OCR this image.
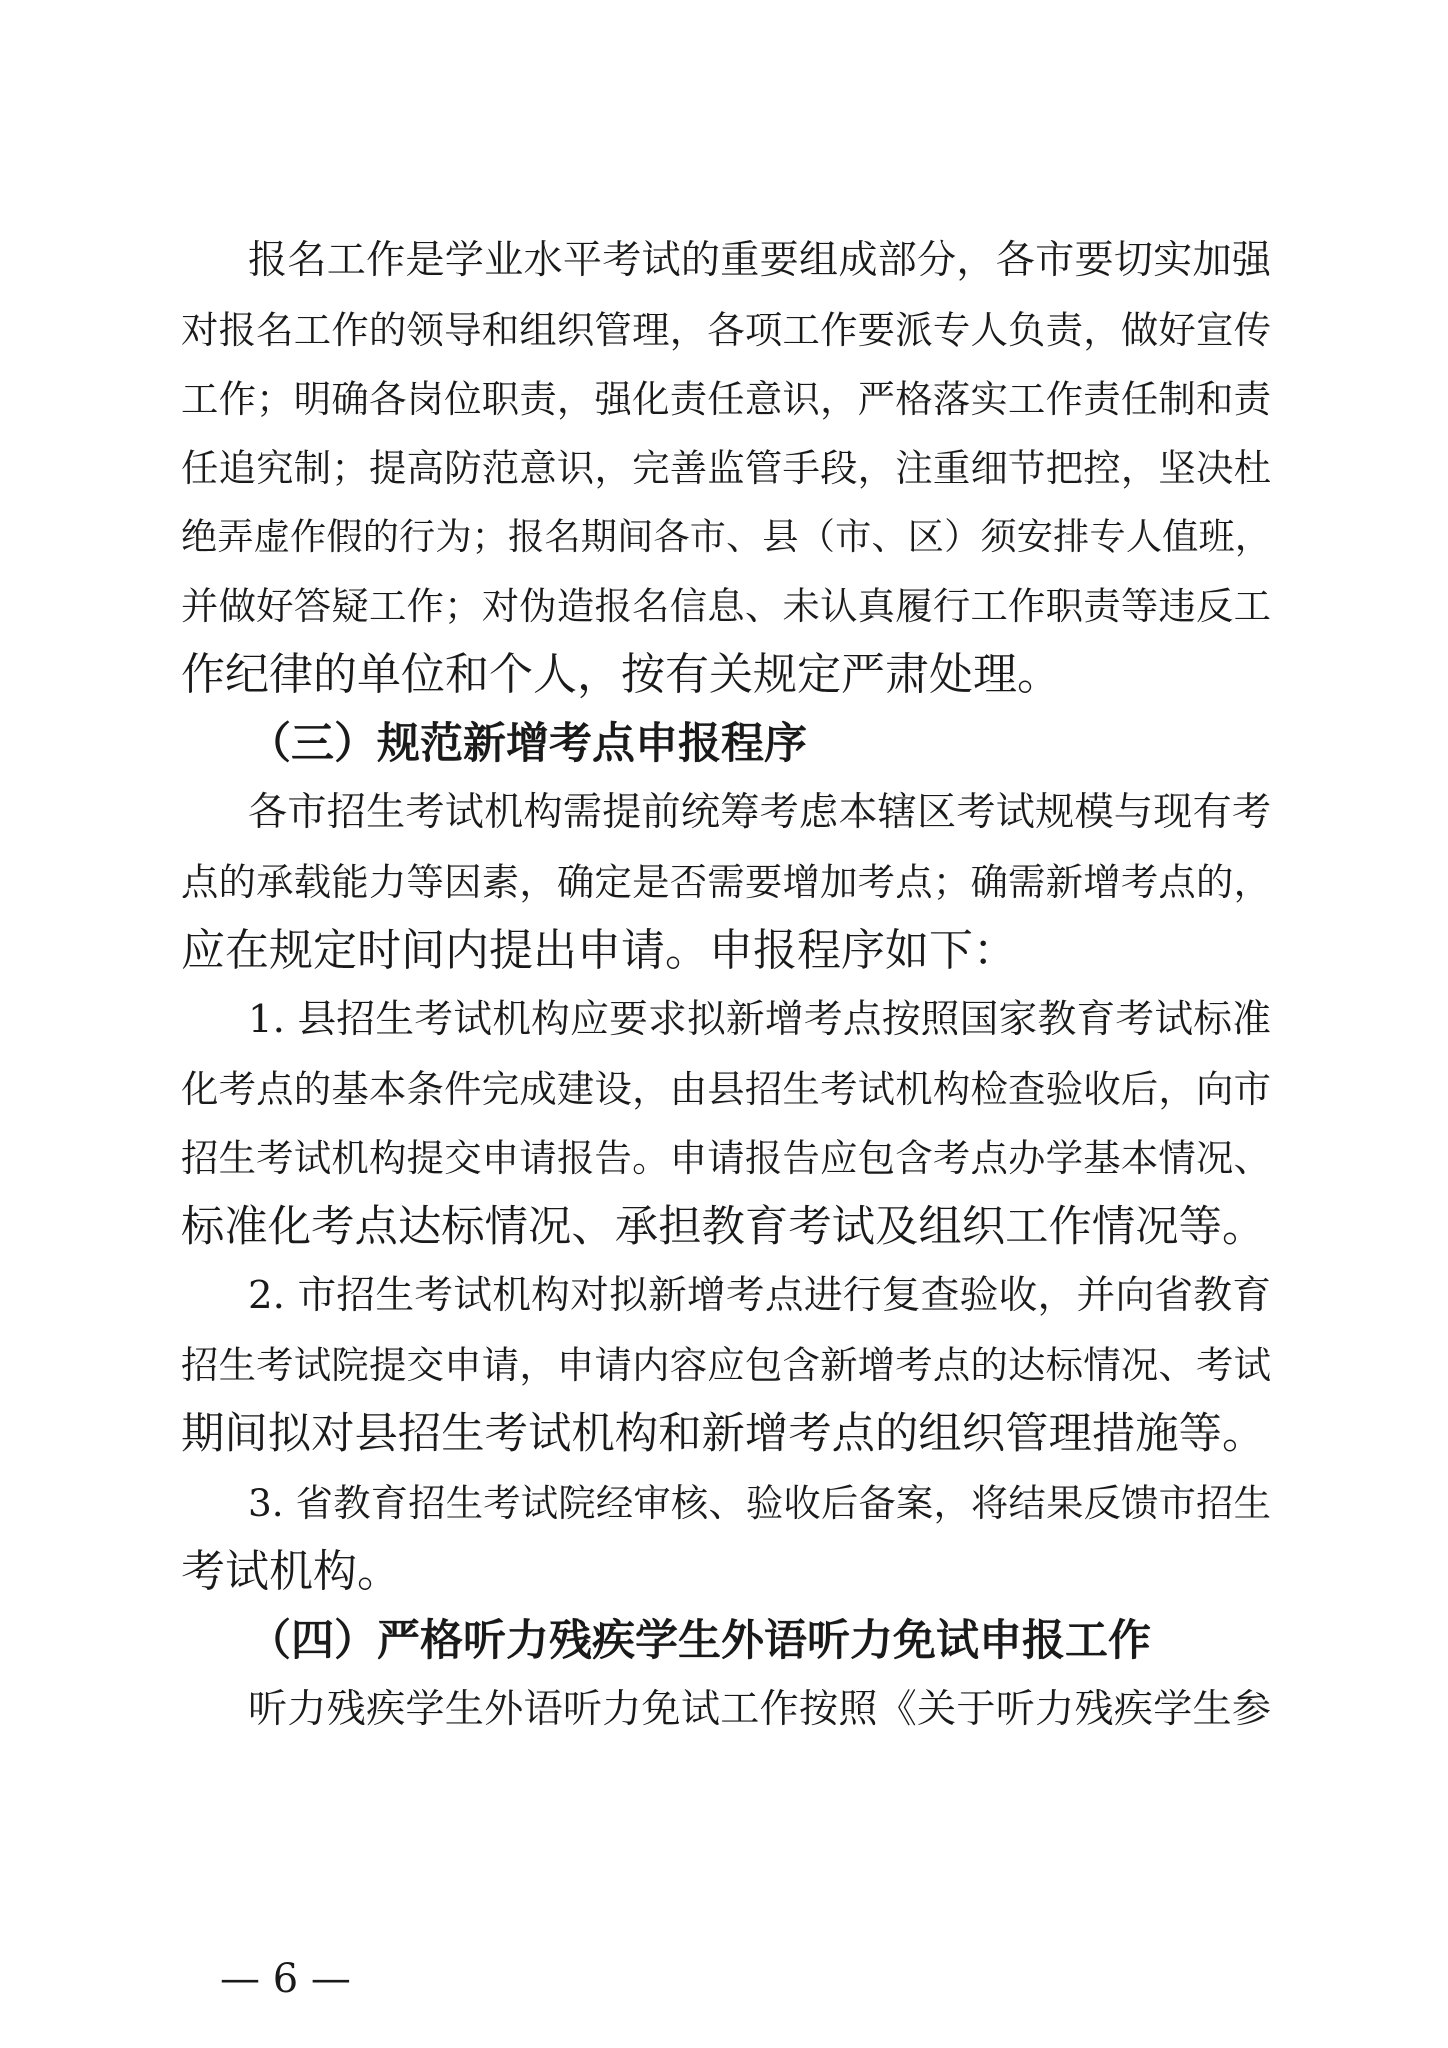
报名工作是学业水平考试的重要组成部分，各市要切实加强
对报名工作的领导和组织管理，各项工作要派专人负责，做好宣传
工作；明确各岗位职责，强化责任意识，严格落实工作责任制和责
任追究制；提高防范意识，完善监管手段，注重细节把控，坚决杜
绝弄虚作假的行为；报名期间各市、县（市、区）须安排专人值班，
并做好答疑工作；对伪造报名信息、未认真履行工作职责等违反工
作纪律的单位和个人，按有关规定严肃处理。
（三）规范新增考点申报程序
各市招生考试机构需提前统筹考虑本辖区考试规模与现有考
点的承载能力等因素，确定是否需要增加考点；确需新增考点的，
应在规定时间内提出申请。申报程序如下：
1. 县招生考试机构应要求拟新增考点按照国家教育考试标准
化考点的基本条件完成建设，由县招生考试机构检查验收后，向市
招生考试机构提交申请报告。申请报告应包含考点办学基本情况、
标准化考点达标情况、承担教育考试及组织工作情况等。
2. 市招生考试机构对拟新增考点进行复查验收，并向省教育
招生考试院提交申请，申请内容应包含新增考点的达标情况、考试
期间拟对县招生考试机构和新增考点的组织管理措施等。
3. 省教育招生考试院经审核、验收后备案，将结果反馈市招生
考试机构。
（四）严格听力残疾学生外语听力免试申报工作
听力残疾学生外语听力免试工作按照《关于听力残疾学生参
— 6 —
